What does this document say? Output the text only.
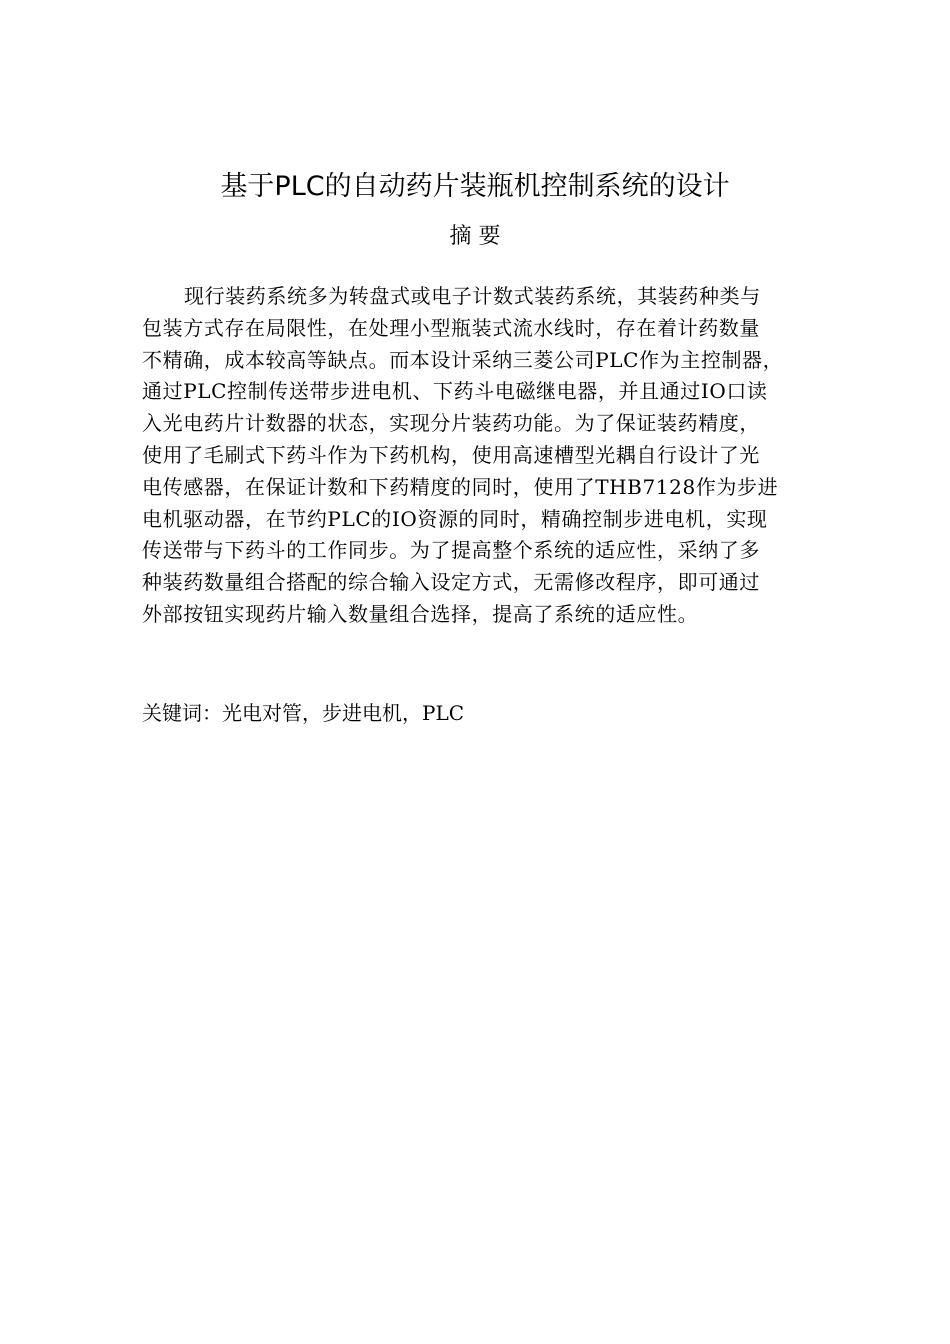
基于PLC的自动药片装瓶机控制系统的设计
摘 要
现行装药系统多为转盘式或电子计数式装药系统，其装药种类与
包装方式存在局限性，在处理小型瓶装式流水线时，存在着计药数量
不精确，成本较高等缺点。而本设计采纳三菱公司PLC作为主控制器，
通过PLC控制传送带步进电机、下药斗电磁继电器，并且通过IO口读
入光电药片计数器的状态，实现分片装药功能。为了保证装药精度，
使用了毛刷式下药斗作为下药机构，使用高速槽型光耦自行设计了光
电传感器，在保证计数和下药精度的同时，使用了THB7128作为步进
电机驱动器，在节约PLC的IO资源的同时，精确控制步进电机，实现
传送带与下药斗的工作同步。为了提高整个系统的适应性，采纳了多
种装药数量组合搭配的综合输入设定方式，无需修改程序，即可通过
外部按钮实现药片输入数量组合选择，提高了系统的适应性。
关键词：光电对管，步进电机，PLC
